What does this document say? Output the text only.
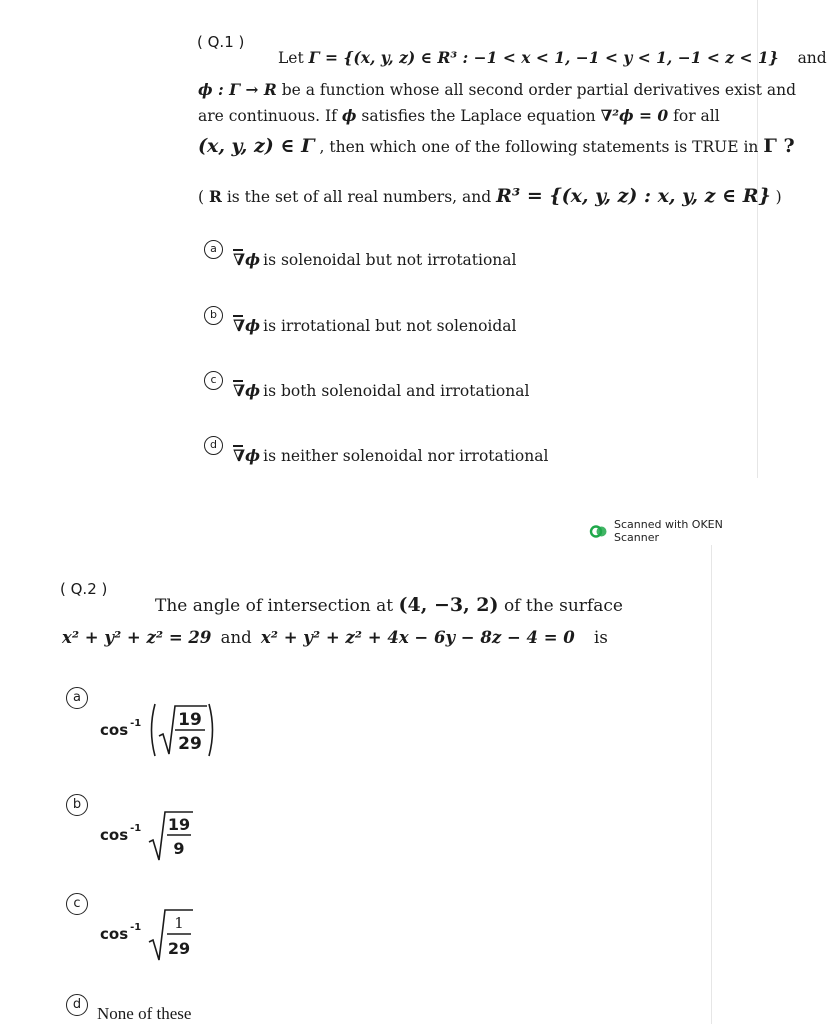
( Q.1 )
Let Γ = {(x, y, z) ∈ R³ : −1 < x < 1, −1 < y < 1, −1 < z < 1} and
ϕ : Γ → R be a function whose all second order partial derivatives exist and
are continuous. If ϕ satisfies the Laplace equation ∇²ϕ = 0 for all
(x, y, z) ∈ Γ , then which one of the following statements is TRUE in Γ ?
( R is the set of all real numbers, and R³ = {(x, y, z) : x, y, z ∈ R} )
a
∇ϕ is solenoidal but not irrotational
b
∇ϕ is irrotational but not solenoidal
c
∇ϕ is both solenoidal and irrotational
d
∇ϕ is neither solenoidal nor irrotational
Scanned with OKEN Scanner
( Q.2 )
The angle of intersection at (4, −3, 2) of the surface
x² + y² + z² = 29 and x² + y² + z² + 4x − 6y − 8z − 4 = 0 is
a
cos -1 19
29
b
cos -1 19
9
c
cos -1 1
29
d None of these
